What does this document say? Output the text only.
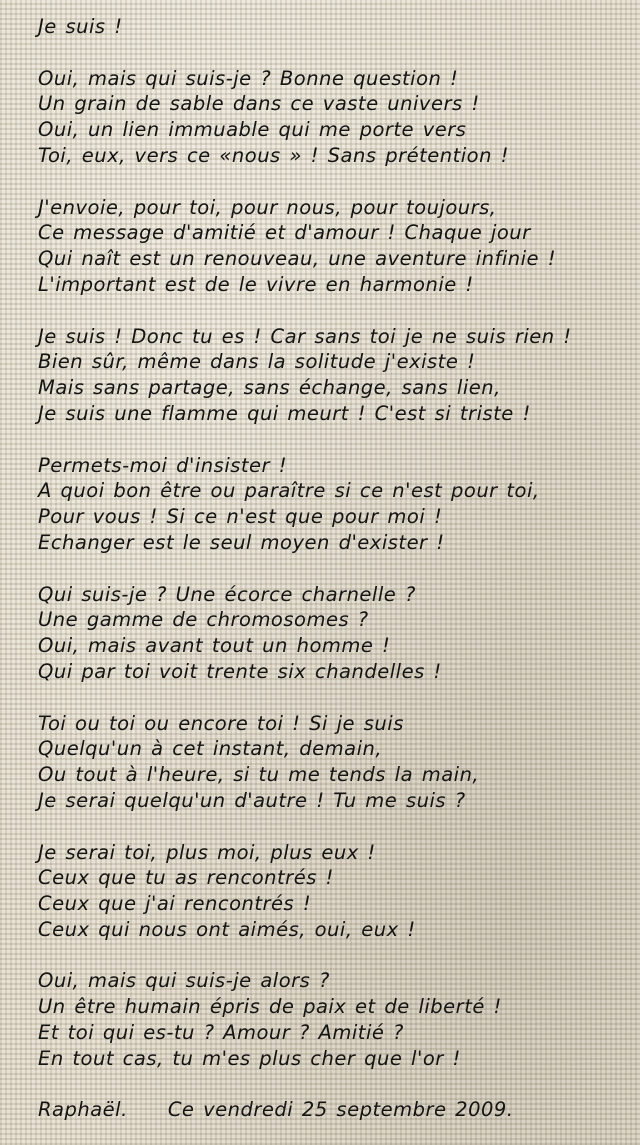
Je suis !
Oui, mais qui suis-je ? Bonne question !
Un grain de sable dans ce vaste univers !
Oui, un lien immuable qui me porte vers
Toi, eux, vers ce «nous » ! Sans prétention !
J'envoie, pour toi, pour nous, pour toujours,
Ce message d'amitié et d'amour ! Chaque jour
Qui naît est un renouveau, une aventure infinie !
L'important est de le vivre en harmonie !
Je suis ! Donc tu es ! Car sans toi je ne suis rien !
Bien sûr, même dans la solitude j'existe !
Mais sans partage, sans échange, sans lien,
Je suis une flamme qui meurt ! C'est si triste !
Permets-moi d'insister !
A quoi bon être ou paraître si ce n'est pour toi,
Pour vous ! Si ce n'est que pour moi !
Echanger est le seul moyen d'exister !
Qui suis-je ? Une écorce charnelle ?
Une gamme de chromosomes ?
Oui, mais avant tout un homme !
Qui par toi voit trente six chandelles !
Toi ou toi ou encore toi ! Si je suis
Quelqu'un à cet instant, demain,
Ou tout à l'heure, si tu me tends la main,
Je serai quelqu'un d'autre ! Tu me suis ?
Je serai toi, plus moi, plus eux !
Ceux que tu as rencontrés !
Ceux que j'ai rencontrés !
Ceux qui nous ont aimés, oui, eux !
Oui, mais qui suis-je alors ?
Un être humain épris de paix et de liberté !
Et toi qui es-tu ? Amour ? Amitié ?
En tout cas, tu m'es plus cher que l'or !
Raphaël. Ce vendredi 25 septembre 2009.
